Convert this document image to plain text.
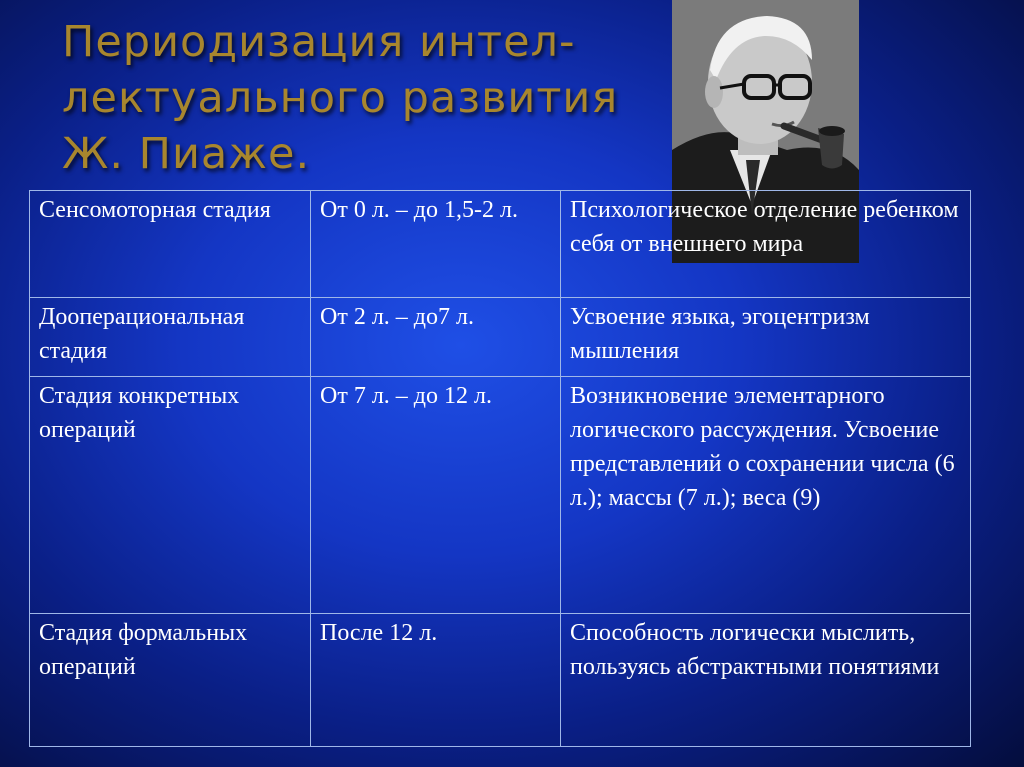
Периодизация интел-
лектуального развития
Ж. Пиаже.
Сенсомоторная стадия	От 0 л. – до 1,5-2 л.	Психологическое отделение ребенком себя от внешнего мира
Дооперациональная стадия	От 2 л. – до7 л.	Усвоение языка, эгоцентризм мышления
Стадия конкретных операций	От 7 л. – до 12 л.	Возникновение элементарного логического рассуждения. Усвоение представлений о сохранении числа (6 л.); массы (7 л.); веса (9)
Стадия формальных операций	После 12 л.	Способность логически мыслить, пользуясь абстрактными понятиями
